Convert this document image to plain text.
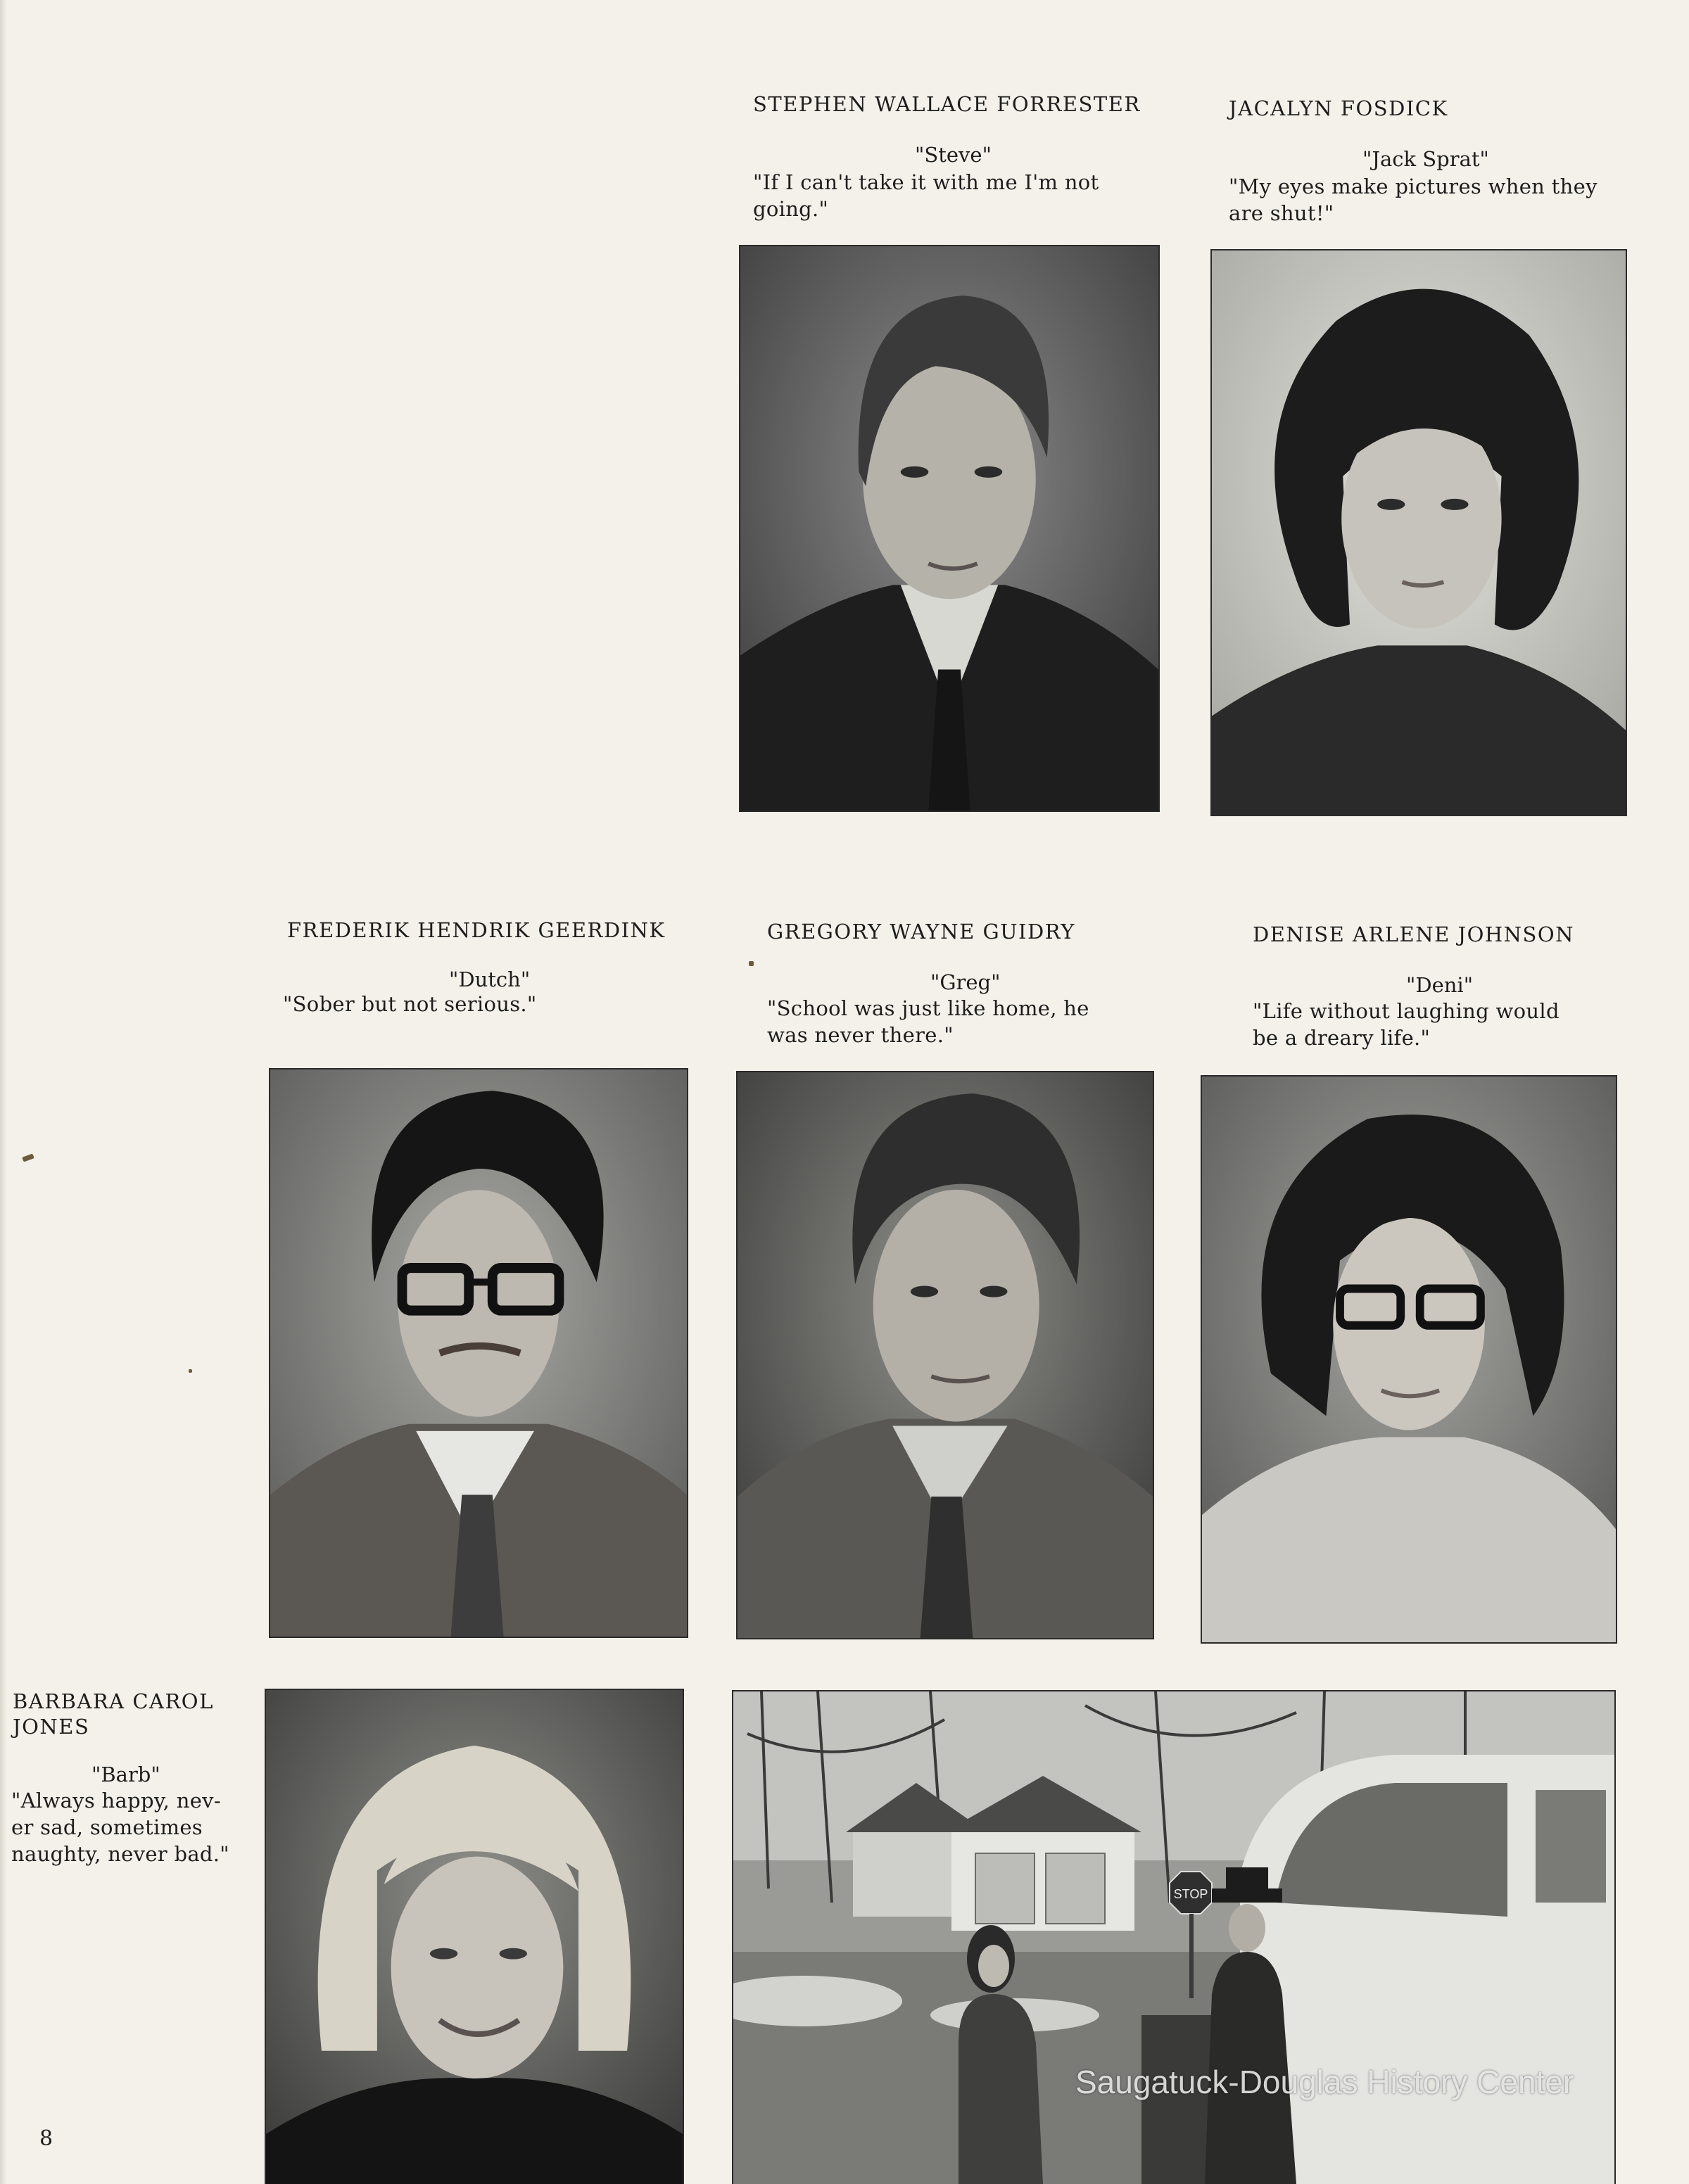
STEPHEN WALLACE FORRESTER
"Steve"
"If I can't take it with me I'm not
going."
JACALYN FOSDICK
"Jack Sprat"
"My eyes make pictures when they
are shut!"
FREDERIK HENDRIK GEERDINK
"Dutch"
"Sober but not serious."
GREGORY WAYNE GUIDRY
"Greg"
"School was just like home, he
was never there."
DENISE ARLENE JOHNSON
"Deni"
"Life without laughing would
be a dreary life."
BARBARA CAROL
JONES
"Barb"
"Always happy, nev-
er sad, sometimes
naughty, never bad."
STOP
Saugatuck-Douglas History Center
8
